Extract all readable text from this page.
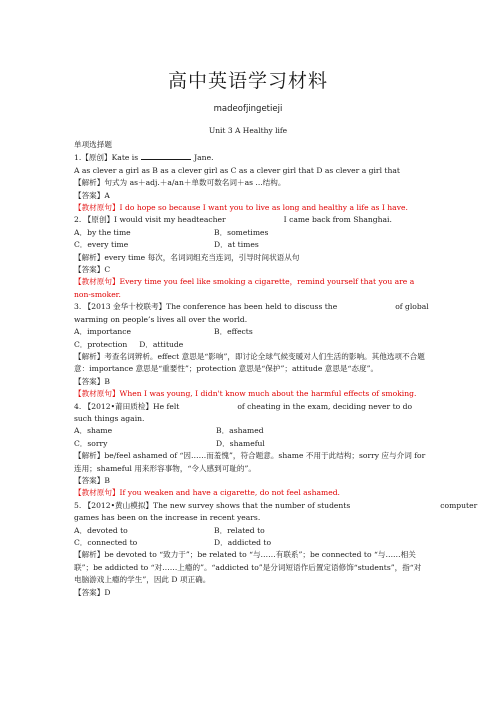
高中英语学习材料
madeofjingetieji
Unit 3 A Healthy life
单项选择题
1.【原创】Kate is	Jane.
A as clever a girl as B as a clever girl as C as a clever girl that D as clever a girl that
【解析】句式为 as＋adj.＋a/an＋单数可数名词＋as ...结构。
【答案】A
【教材原句】I do hope so because I want you to live as long and healthy a life as I have.
2. 【原创】I would visit my headteacher	I came back from Shanghai.
A．by the time	B．sometimes
C．every time	D．at times
【解析】every time 每次，名词词组充当连词，引导时间状语从句
【答案】C
【教材原句】Every time you feel like smoking a cigarette，remind yourself that you are a non-smoker.
3. 【2013 金华十校联考】The conference has been held to discuss the	of global
warming on people’s lives all over the world.
A．importance	B．effects
C．protection D．attitude
【解析】考查名词辨析。effect 意思是“影响”，即讨论全球气候变暖对人们生活的影响。其他选项不合题意：importance 意思是“重要性”；protection 意思是“保护”；attitude 意思是“态度”。
【答案】B
【教材原句】When I was young, I didn't know much about the harmful effects of smoking.
4. 【2012•莆田质检】He felt	of cheating in the exam, deciding never to do such things again.
A．shame	B．ashamed
C．sorry	D．shameful
【解析】be/feel ashamed of “因……而羞愧”，符合题意。shame 不用于此结构；sorry 应与介词 for 连用；shameful 用来形容事物，“令人感到可耻的”。
【答案】B
【教材原句】If you weaken and have a cigarette, do not feel ashamed.
5. 【2012•黄山模拟】The new survey shows that the number of students	computer
games has been on the increase in recent years.
A．devoted to	B．related to
C．connected to	D．addicted to
【解析】be devoted to “致力于”；be related to “与……有联系”；be connected to “与……相关联”；be addicted to “对……上瘾的”。“addicted to”是分词短语作后置定语修饰“students”，指“对电脑游戏上瘾的学生”，因此 D 项正确。
【答案】D
